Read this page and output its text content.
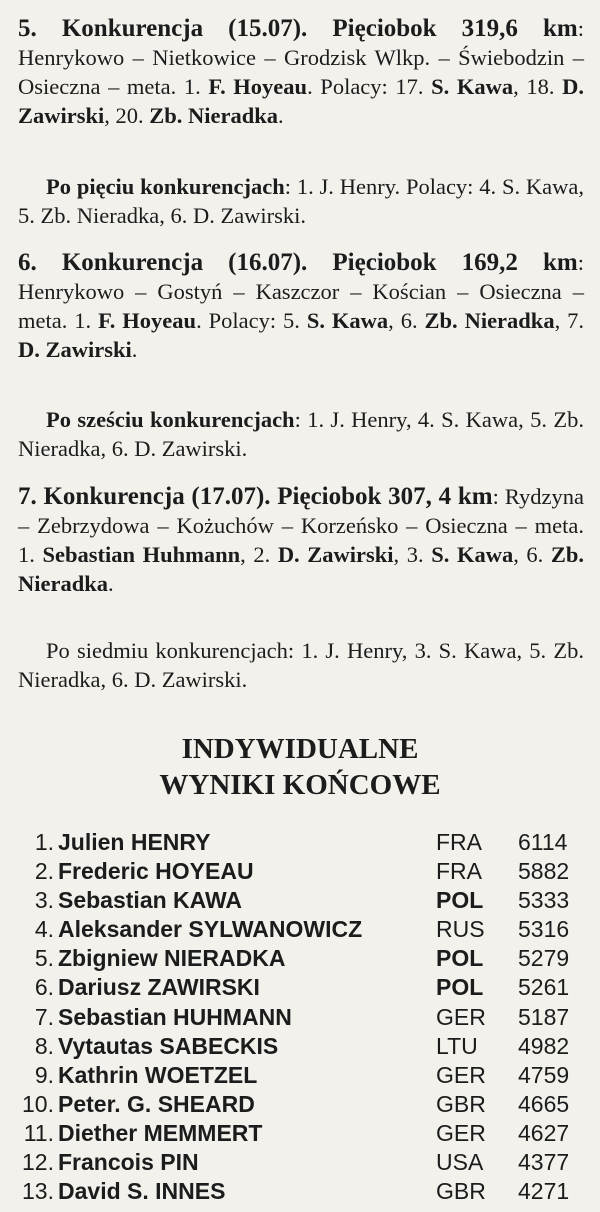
5. Konkurencja (15.07). Pięciobok 319,6 km: Henrykowo – Nietkowice – Grodzisk Wlkp. – Świebodzin – Osieczna – meta. 1. F. Hoyeau. Polacy: 17. S. Kawa, 18. D. Zawirski, 20. Zb. Nieradka.
Po pięciu konkurencjach: 1. J. Henry. Polacy: 4. S. Kawa, 5. Zb. Nieradka, 6. D. Zawirski.
6. Konkurencja (16.07). Pięciobok 169,2 km: Henrykowo – Gostyń – Kaszczor – Kościan – Osieczna – meta. 1. F. Hoyeau. Polacy: 5. S. Kawa, 6. Zb. Nieradka, 7. D. Zawirski.
Po sześciu konkurencjach: 1. J. Henry, 4. S. Kawa, 5. Zb. Nieradka, 6. D. Zawirski.
7. Konkurencja (17.07). Pięciobok 307, 4 km: Rydzyna – Zebrzydowa – Kożuchów – Korzeńsko – Osieczna – meta. 1. Sebastian Huhmann, 2. D. Zawirski, 3. S. Kawa, 6. Zb. Nieradka.
Po siedmiu konkurencjach: 1. J. Henry, 3. S. Kawa, 5. Zb. Nieradka, 6. D. Zawirski.
INDYWIDUALNE
WYNIKI KOŃCOWE
1. Julien HENRY	FRA 6114
2. Frederic HOYEAU	FRA 5882
3. Sebastian KAWA	POL 5333
4. Aleksander SYLWANOWICZ	RUS 5316
5. Zbigniew NIERADKA	POL 5279
6. Dariusz ZAWIRSKI	POL 5261
7. Sebastian HUHMANN	GER 5187
8. Vytautas SABECKIS	LTU 4982
9. Kathrin WOETZEL	GER 4759
10. Peter. G. SHEARD	GBR 4665
11. Diether MEMMERT	GER 4627
12. Francois PIN	USA 4377
13. David S. INNES	GBR 4271
